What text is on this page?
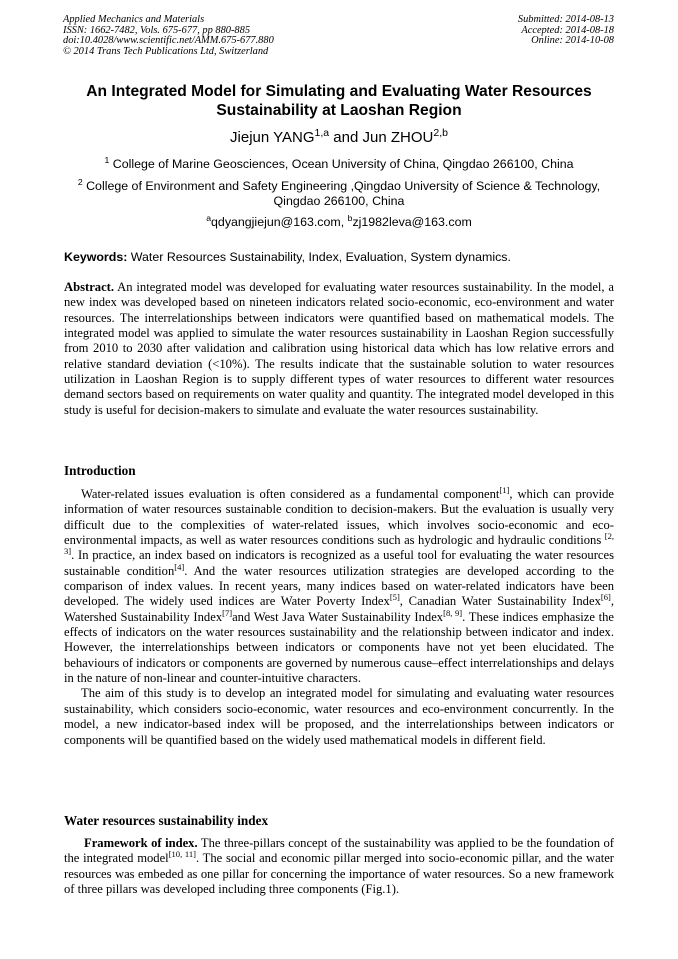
Applied Mechanics and Materials
ISSN: 1662-7482, Vols. 675-677, pp 880-885
doi:10.4028/www.scientific.net/AMM.675-677.880
© 2014 Trans Tech Publications Ltd, Switzerland
Submitted: 2014-08-13
Accepted: 2014-08-18
Online: 2014-10-08
An Integrated Model for Simulating and Evaluating Water Resources
Sustainability at Laoshan Region
Jiejun YANG$^{1,a}$ and Jun ZHOU$^{2,b}$
$^1$ College of Marine Geosciences, Ocean University of China, Qingdao 266100, China
$^2$ College of Environment and Safety Engineering ,Qingdao University of Science & Technology,
Qingdao 266100, China
$^a$qdyangjiejun@163.com, $^b$zj1982leva@163.com
Keywords: Water Resources Sustainability, Index, Evaluation, System dynamics.

Abstract. An integrated model was developed for evaluating water resources sustainability. In the model, a new index was developed based on nineteen indicators related socio-economic, eco-environment and water resources. The interrelationships between indicators were quantified based on mathematical models. The integrated model was applied to simulate the water resources sustainability in Laoshan Region successfully from 2010 to 2030 after validation and calibration using historical data which has low relative errors and relative standard deviation (<10%). The results indicate that the sustainable solution to water resources utilization in Laoshan Region is to supply different types of water resources to different water resources demand sectors based on requirements on water quality and quantity. The integrated model developed in this study is useful for decision-makers to simulate and evaluate the water resources sustainability.

Introduction

Water-related issues evaluation is often considered as a fundamental component[1], which can provide information of water resources sustainable condition to decision-makers. But the evaluation is usually very difficult due to the complexities of water-related issues, which involves socio-economic and eco-environmental impacts, as well as water resources conditions such as hydrologic and hydraulic conditions [2, 3]. In practice, an index based on indicators is recognized as a useful tool for evaluating the water resources sustainable condition[4]. And the water resources utilization strategies are developed according to the comparison of index values. In recent years, many indices based on water-related indicators have been developed. The widely used indices are Water Poverty Index[5], Canadian Water Sustainability Index[6], Watershed Sustainability Index[7]and West Java Water Sustainability Index[8, 9]. These indices emphasize the effects of indicators on the water resources sustainability and the relationship between indicator and index. However, the interrelationships between indicators or components have not yet been elucidated. The behaviours of indicators or components are governed by numerous cause–effect interrelationships and delays in the nature of non-linear and counter-intuitive characters.

The aim of this study is to develop an integrated model for simulating and evaluating water resources sustainability, which considers socio-economic, water resources and eco-environment concurrently. In the model, a new indicator-based index will be proposed, and the interrelationships between indicators or components will be quantified based on the widely used mathematical models in different field.

Water resources sustainability index

Framework of index. The three-pillars concept of the sustainability was applied to be the foundation of the integrated model[10, 11]. The social and economic pillar merged into socio-economic pillar, and the water resources was embeded as one pillar for concerning the importance of water resources. So a new framework of three pillars was developed including three components (Fig.1).
